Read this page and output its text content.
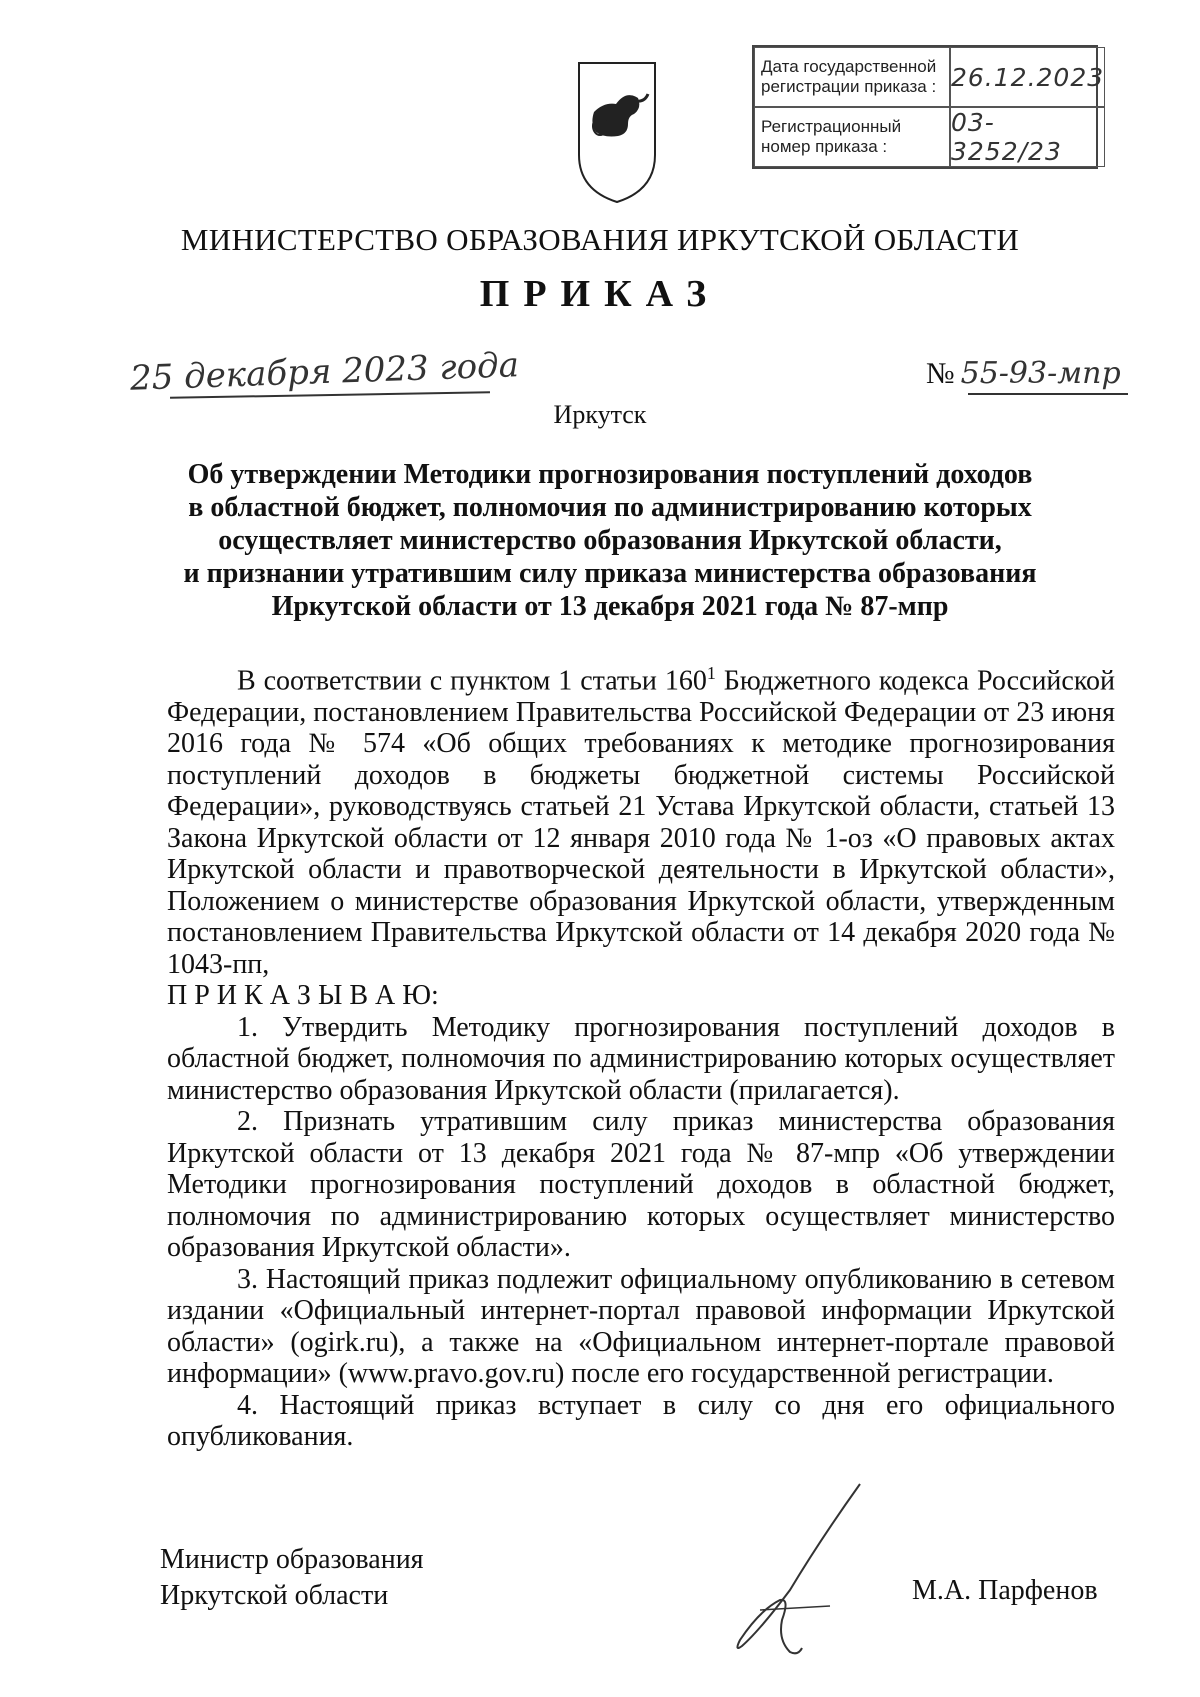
Дата государственной регистрации приказа : 26.12.2023
Регистрационный номер приказа :
03-3252/23
МИНИСТЕРСТВО ОБРАЗОВАНИЯ ИРКУТСКОЙ ОБЛАСТИ
ПРИКАЗ
25 декабря 2023 года	№ 55-93-мпр
Иркутск
Об утверждении Методики прогнозирования поступлений доходов
в областной бюджет, полномочия по администрированию которых
осуществляет министерство образования Иркутской области,
и признании утратившим силу приказа министерства образования
Иркутской области от 13 декабря 2021 года № 87-мпр

В соответствии с пунктом 1 статьи $160^1$ Бюджетного кодекса Российской Федерации, постановлением Правительства Российской Федерации от 23 июня 2016 года № 574 «Об общих требованиях к методике прогнозирования поступлений доходов в бюджеты бюджетной системы Российской Федерации», руководствуясь статьей 21 Устава Иркутской области, статьей 13 Закона Иркутской области от 12 января 2010 года № 1-оз «О правовых актах Иркутской области и правотворческой деятельности в Иркутской области», Положением о министерстве образования Иркутской области, утвержденным постановлением Правительства Иркутской области от 14 декабря 2020 года № 1043-пп,

П Р И К А З Ы В А Ю:

1. Утвердить Методику прогнозирования поступлений доходов в областной бюджет, полномочия по администрированию которых осуществляет министерство образования Иркутской области (прилагается).

2. Признать утратившим силу приказ министерства образования Иркутской области от 13 декабря 2021 года № 87-мпр «Об утверждении Методики прогнозирования поступлений доходов в областной бюджет, полномочия по администрированию которых осуществляет министерство образования Иркутской области».

3. Настоящий приказ подлежит официальному опубликованию в сетевом издании «Официальный интернет-портал правовой информации Иркутской области» (ogirk.ru), а также на «Официальном интернет-портале правовой информации» (www.pravo.gov.ru) после его государственной регистрации.

4. Настоящий приказ вступает в силу со дня его официального опубликования.

Министр образования
Иркутской области	М.А. Парфенов
